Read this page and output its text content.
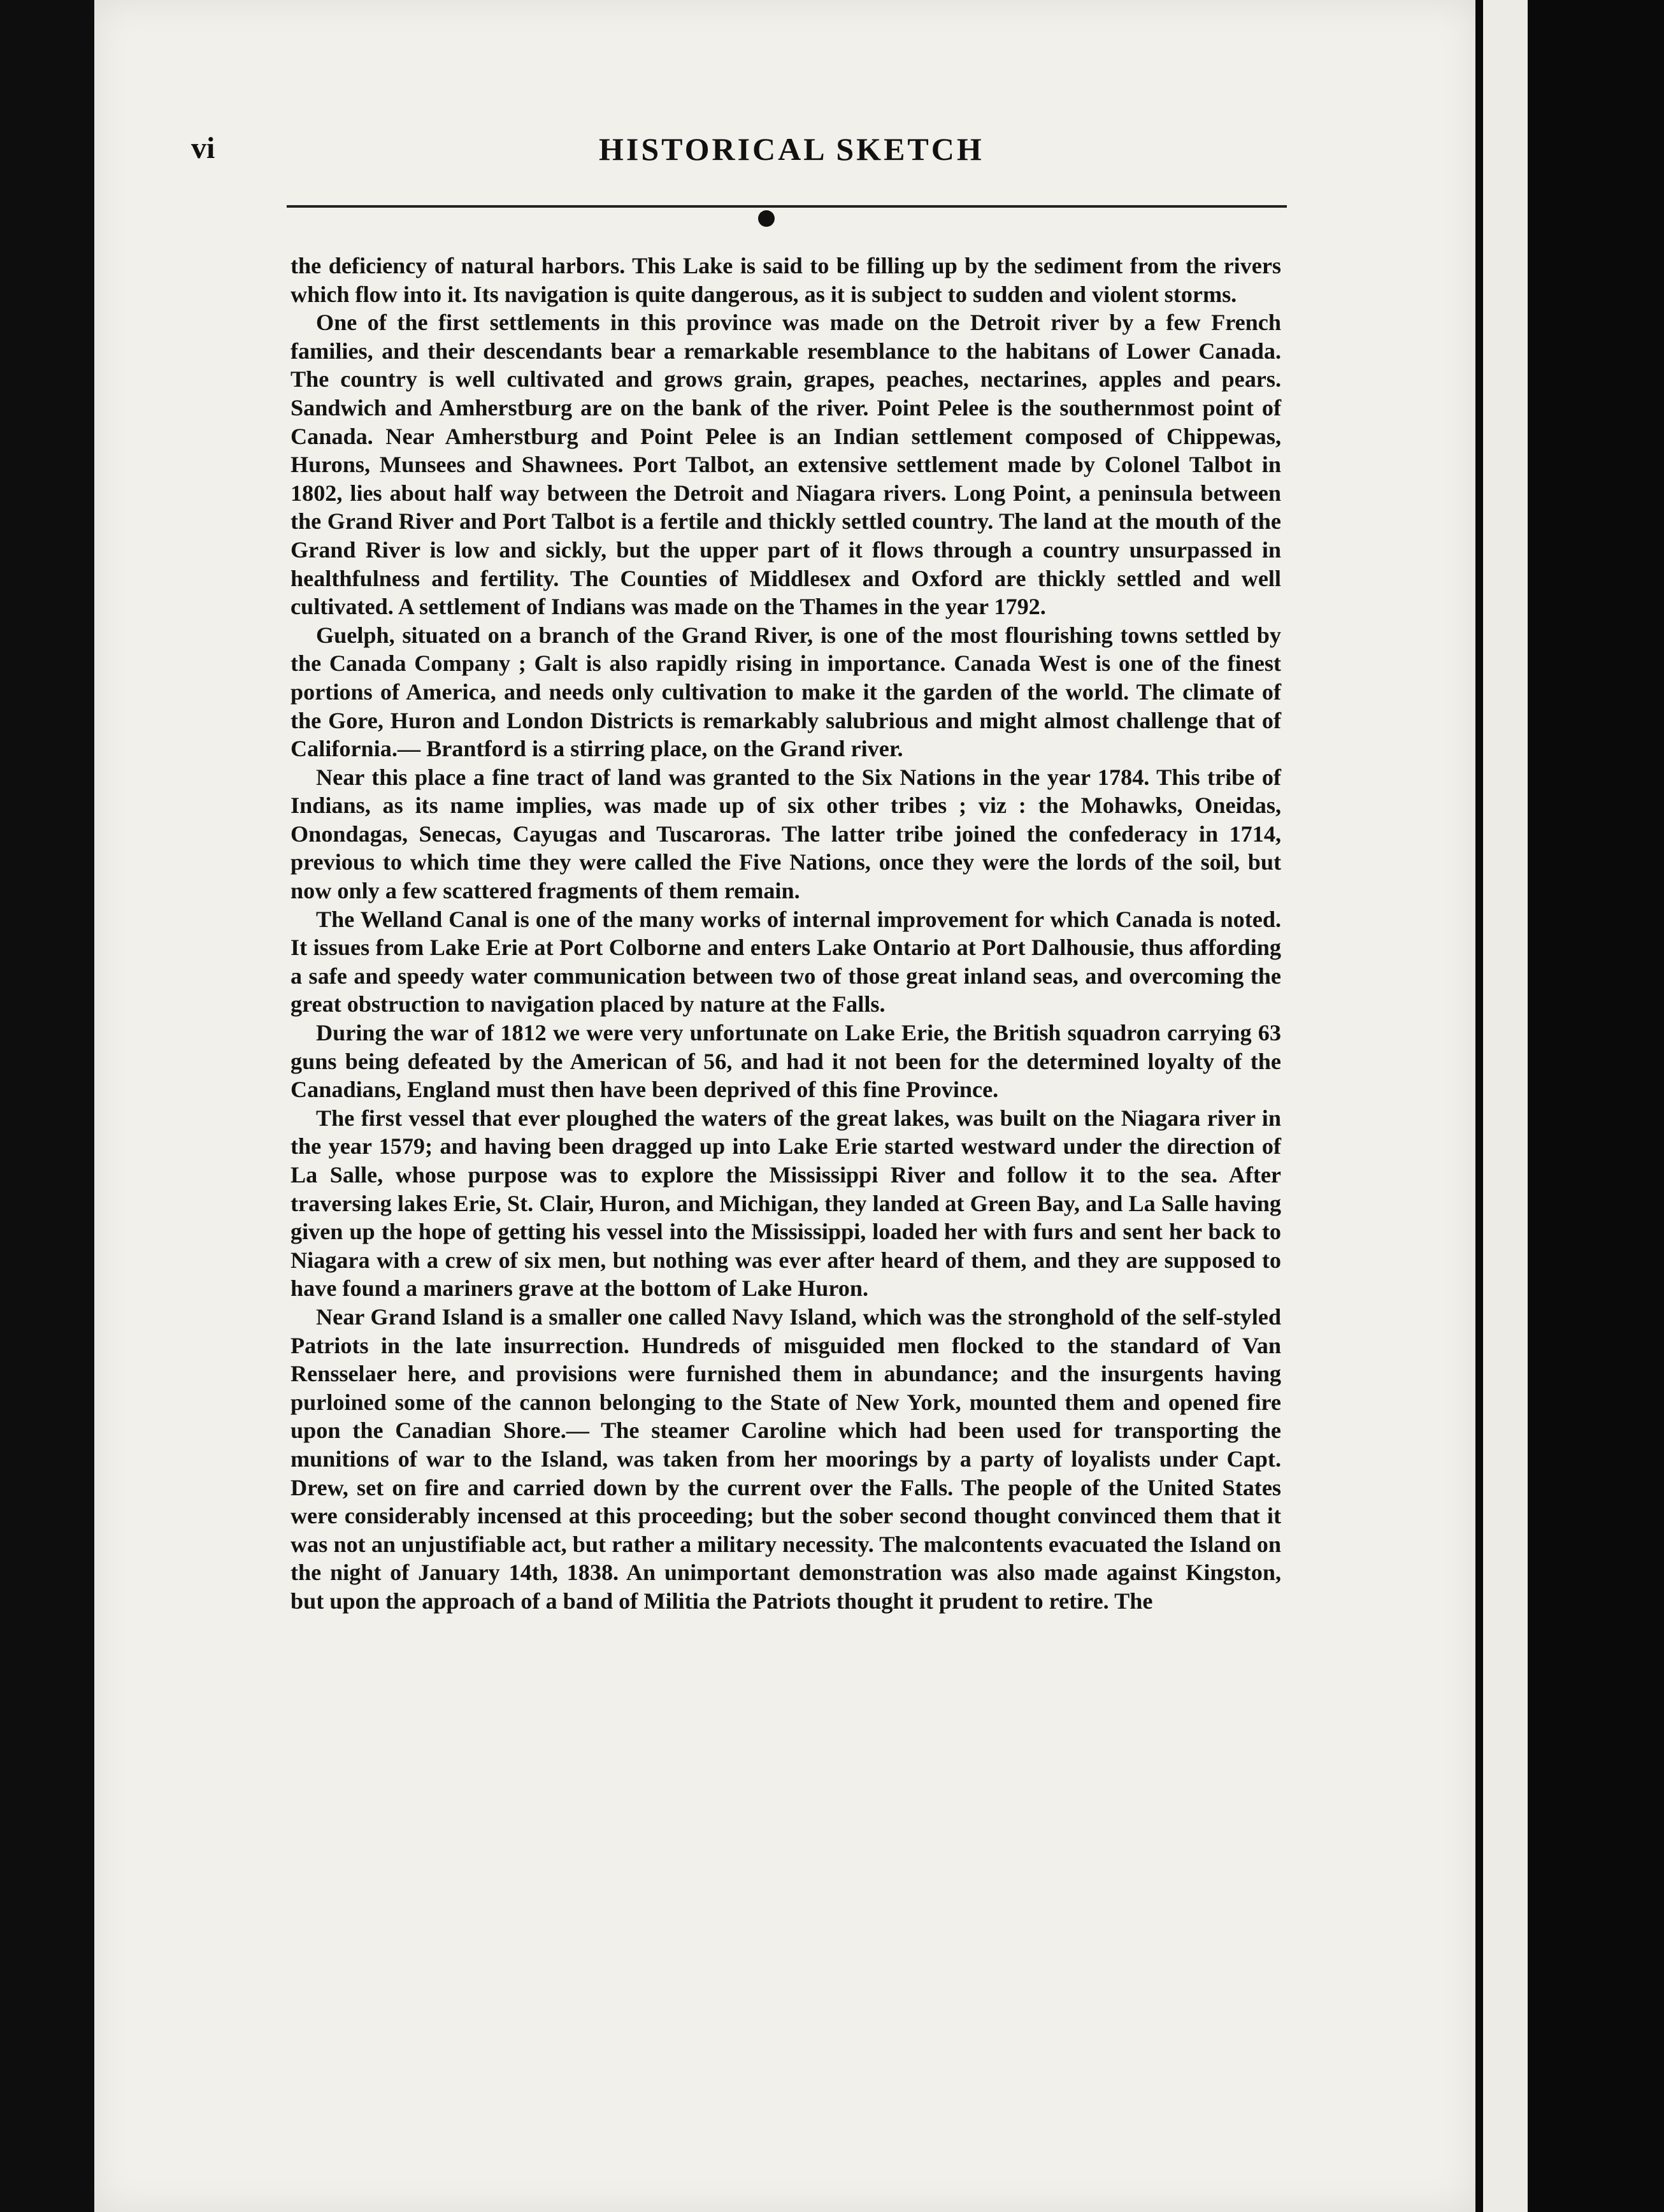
vi	HISTORICAL SKETCH

the deficiency of natural harbors. This Lake is said to be filling up by the sediment from the rivers which flow into it. Its navigation is quite dangerous, as it is subject to sudden and violent storms.

One of the first settlements in this province was made on the Detroit river by a few French families, and their descendants bear a remarkable resemblance to the habitans of Lower Canada. The country is well cultivated and grows grain, grapes, peaches, nectarines, apples and pears. Sandwich and Amherstburg are on the bank of the river. Point Pelee is the southernmost point of Canada. Near Amherstburg and Point Pelee is an Indian settlement composed of Chippewas, Hurons, Munsees and Shawnees. Port Talbot, an extensive settlement made by Colonel Talbot in 1802, lies about half way between the Detroit and Niagara rivers. Long Point, a peninsula between the Grand River and Port Talbot is a fertile and thickly settled country. The land at the mouth of the Grand River is low and sickly, but the upper part of it flows through a country unsurpassed in healthfulness and fertility. The Counties of Middlesex and Oxford are thickly settled and well cultivated. A settlement of Indians was made on the Thames in the year 1792.

Guelph, situated on a branch of the Grand River, is one of the most flourishing towns settled by the Canada Company ; Galt is also rapidly rising in importance. Canada West is one of the finest portions of America, and needs only cultivation to make it the garden of the world. The climate of the Gore, Huron and London Districts is remarkably salubrious and might almost challenge that of California.— Brantford is a stirring place, on the Grand river.

Near this place a fine tract of land was granted to the Six Nations in the year 1784. This tribe of Indians, as its name implies, was made up of six other tribes ; viz : the Mohawks, Oneidas, Onondagas, Senecas, Cayugas and Tuscaroras. The latter tribe joined the confederacy in 1714, previous to which time they were called the Five Nations, once they were the lords of the soil, but now only a few scattered fragments of them remain.

The Welland Canal is one of the many works of internal improvement for which Canada is noted. It issues from Lake Erie at Port Colborne and enters Lake Ontario at Port Dalhousie, thus affording a safe and speedy water communication between two of those great inland seas, and overcoming the great obstruction to navigation placed by nature at the Falls.

During the war of 1812 we were very unfortunate on Lake Erie, the British squadron carrying 63 guns being defeated by the American of 56, and had it not been for the determined loyalty of the Canadians, England must then have been deprived of this fine Province.

The first vessel that ever ploughed the waters of the great lakes, was built on the Niagara river in the year 1579; and having been dragged up into Lake Erie started westward under the direction of La Salle, whose purpose was to explore the Mississippi River and follow it to the sea. After traversing lakes Erie, St. Clair, Huron, and Michigan, they landed at Green Bay, and La Salle having given up the hope of getting his vessel into the Mississippi, loaded her with furs and sent her back to Niagara with a crew of six men, but nothing was ever after heard of them, and they are supposed to have found a mariners grave at the bottom of Lake Huron.

Near Grand Island is a smaller one called Navy Island, which was the stronghold of the self-styled Patriots in the late insurrection. Hundreds of misguided men flocked to the standard of Van Rensselaer here, and provisions were furnished them in abundance; and the insurgents having purloined some of the cannon belonging to the State of New York, mounted them and opened fire upon the Canadian Shore.— The steamer Caroline which had been used for transporting the munitions of war to the Island, was taken from her moorings by a party of loyalists under Capt. Drew, set on fire and carried down by the current over the Falls. The people of the United States were considerably incensed at this proceeding; but the sober second thought convinced them that it was not an unjustifiable act, but rather a military necessity. The malcontents evacuated the Island on the night of January 14th, 1838. An unimportant demonstration was also made against Kingston, but upon the approach of a band of Militia the Patriots thought it prudent to retire. The
